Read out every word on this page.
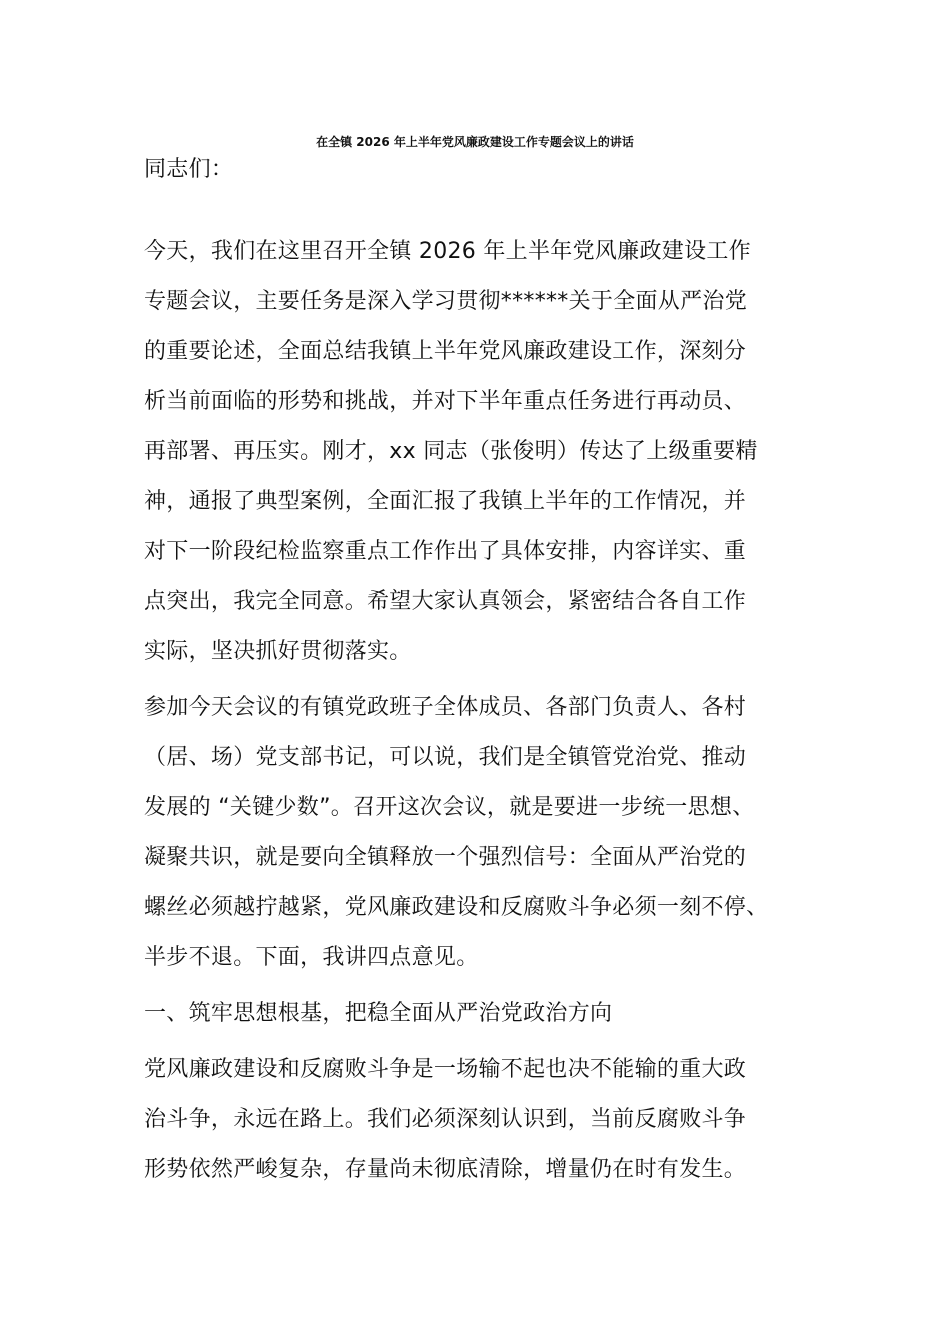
在全镇 2026 年上半年党风廉政建设工作专题会议上的讲话
同志们：
今天，我们在这里召开全镇 2026 年上半年党风廉政建设工作
专题会议，主要任务是深入学习贯彻******关于全面从严治党
的重要论述，全面总结我镇上半年党风廉政建设工作，深刻分
析当前面临的形势和挑战，并对下半年重点任务进行再动员、
再部署、再压实。刚才，xx 同志（张俊明）传达了上级重要精
神，通报了典型案例，全面汇报了我镇上半年的工作情况，并
对下一阶段纪检监察重点工作作出了具体安排，内容详实、重
点突出，我完全同意。希望大家认真领会，紧密结合各自工作
实际，坚决抓好贯彻落实。
参加今天会议的有镇党政班子全体成员、各部门负责人、各村
（居、场）党支部书记，可以说，我们是全镇管党治党、推动
发展的 “关键少数”。召开这次会议，就是要进一步统一思想、
凝聚共识，就是要向全镇释放一个强烈信号：全面从严治党的
螺丝必须越拧越紧，党风廉政建设和反腐败斗争必须一刻不停、
半步不退。下面，我讲四点意见。
一、筑牢思想根基，把稳全面从严治党政治方向
党风廉政建设和反腐败斗争是一场输不起也决不能输的重大政
治斗争，永远在路上。我们必须深刻认识到，当前反腐败斗争
形势依然严峻复杂，存量尚未彻底清除，增量仍在时有发生。
